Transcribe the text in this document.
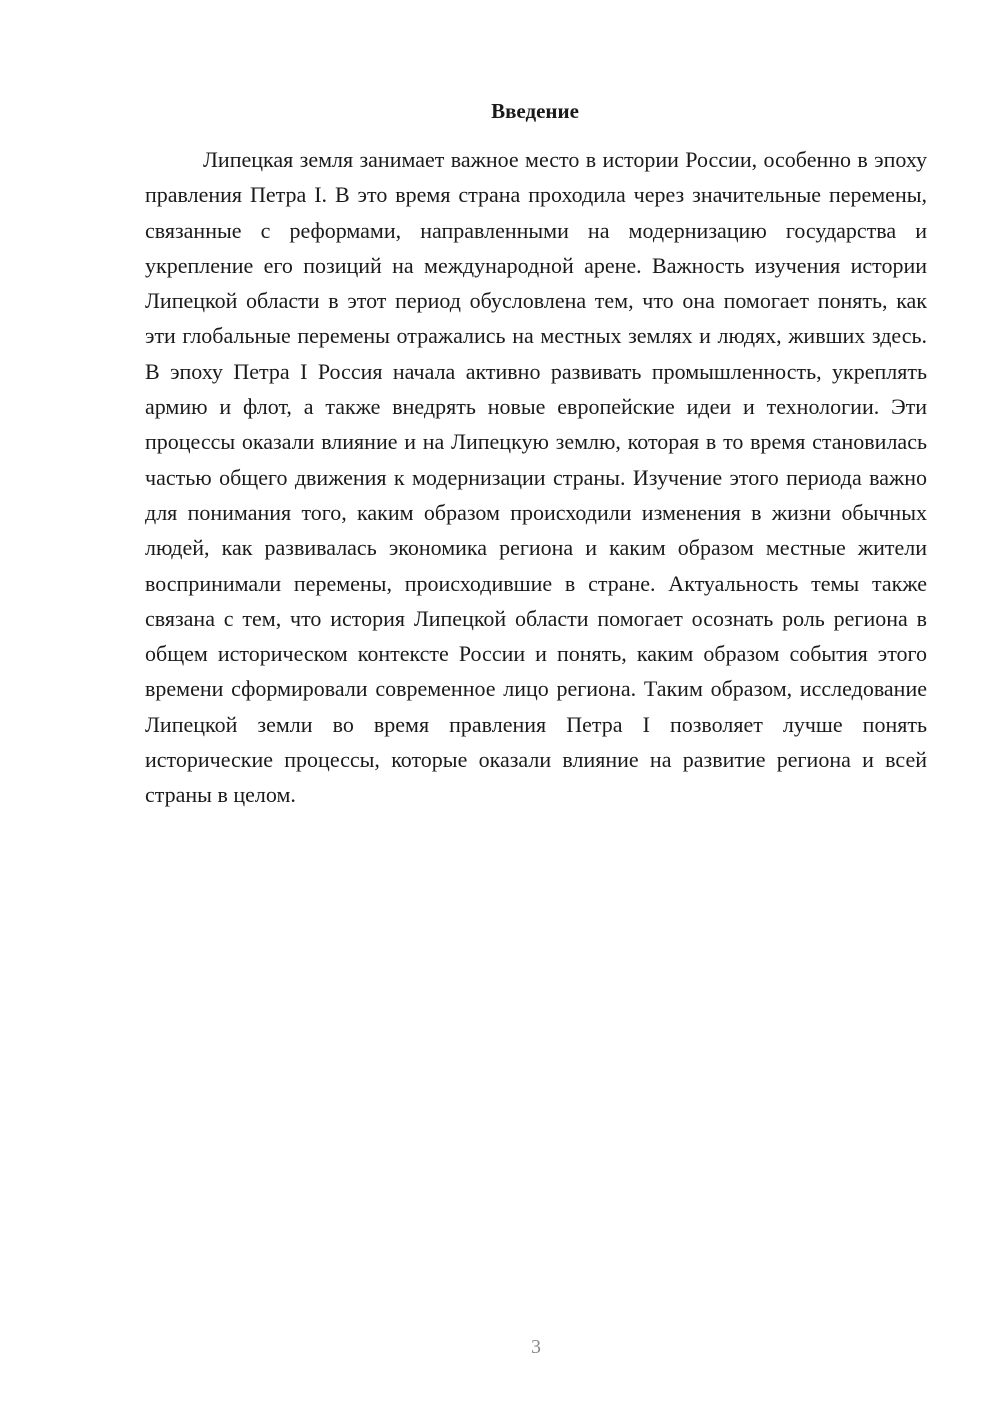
Введение

Липецкая земля занимает важное место в истории России, особенно в эпоху правления Петра I. В это время страна проходила через значительные перемены, связанные с реформами, направленными на модернизацию государства и укрепление его позиций на международной арене. Важность изучения истории Липецкой области в этот период обусловлена тем, что она помогает понять, как эти глобальные перемены отражались на местных землях и людях, живших здесь. В эпоху Петра I Россия начала активно развивать промышленность, укреплять армию и флот, а также внедрять новые европейские идеи и технологии. Эти процессы оказали влияние и на Липецкую землю, которая в то время становилась частью общего движения к модернизации страны. Изучение этого периода важно для понимания того, каким образом происходили изменения в жизни обычных людей, как развивалась экономика региона и каким образом местные жители воспринимали перемены, происходившие в стране. Актуальность темы также связана с тем, что история Липецкой области помогает осознать роль региона в общем историческом контексте России и понять, каким образом события этого времени сформировали современное лицо региона. Таким образом, исследование Липецкой земли во время правления Петра I позволяет лучше понять исторические процессы, которые оказали влияние на развитие региона и всей страны в целом.

3
